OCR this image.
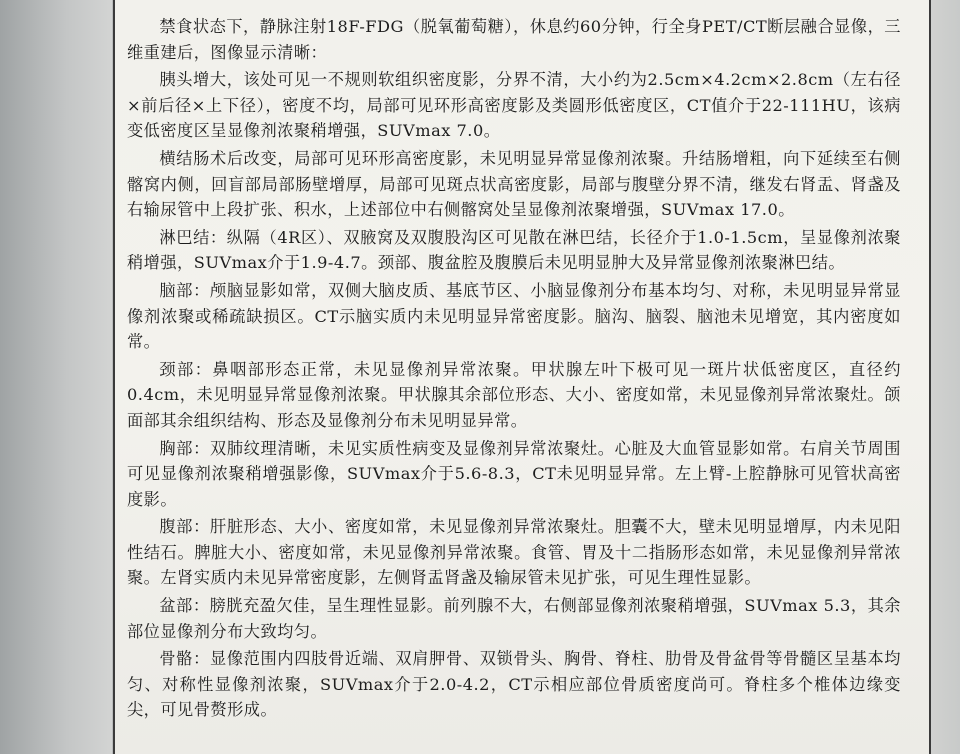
禁食状态下，静脉注射18F-FDG（脱氧葡萄糖），休息约60分钟，行全身PET/CT断层融合显像，三维重建后，图像显示清晰：

胰头增大，该处可见一不规则软组织密度影，分界不清，大小约为2.5cm×4.2cm×2.8cm（左右径×前后径×上下径），密度不均，局部可见环形高密度影及类圆形低密度区，CT值介于22-111HU，该病变低密度区呈显像剂浓聚稍增强，SUVmax 7.0。

横结肠术后改变，局部可见环形高密度影，未见明显异常显像剂浓聚。升结肠增粗，向下延续至右侧髂窝内侧，回盲部局部肠壁增厚，局部可见斑点状高密度影，局部与腹壁分界不清，继发右肾盂、肾盏及右输尿管中上段扩张、积水，上述部位中右侧髂窝处呈显像剂浓聚增强，SUVmax 17.0。

淋巴结：纵隔（4R区）、双腋窝及双腹股沟区可见散在淋巴结，长径介于1.0-1.5cm，呈显像剂浓聚稍增强，SUVmax介于1.9-4.7。颈部、腹盆腔及腹膜后未见明显肿大及异常显像剂浓聚淋巴结。

脑部：颅脑显影如常，双侧大脑皮质、基底节区、小脑显像剂分布基本均匀、对称，未见明显异常显像剂浓聚或稀疏缺损区。CT示脑实质内未见明显异常密度影。脑沟、脑裂、脑池未见增宽，其内密度如常。

颈部：鼻咽部形态正常，未见显像剂异常浓聚。甲状腺左叶下极可见一斑片状低密度区，直径约0.4cm，未见明显异常显像剂浓聚。甲状腺其余部位形态、大小、密度如常，未见显像剂异常浓聚灶。颌面部其余组织结构、形态及显像剂分布未见明显异常。

胸部：双肺纹理清晰，未见实质性病变及显像剂异常浓聚灶。心脏及大血管显影如常。右肩关节周围可见显像剂浓聚稍增强影像，SUVmax介于5.6-8.3，CT未见明显异常。左上臂-上腔静脉可见管状高密度影。

腹部：肝脏形态、大小、密度如常，未见显像剂异常浓聚灶。胆囊不大，壁未见明显增厚，内未见阳性结石。脾脏大小、密度如常，未见显像剂异常浓聚。食管、胃及十二指肠形态如常，未见显像剂异常浓聚。左肾实质内未见异常密度影，左侧肾盂肾盏及输尿管未见扩张，可见生理性显影。

盆部：膀胱充盈欠佳，呈生理性显影。前列腺不大，右侧部显像剂浓聚稍增强，SUVmax 5.3，其余部位显像剂分布大致均匀。

骨骼：显像范围内四肢骨近端、双肩胛骨、双锁骨头、胸骨、脊柱、肋骨及骨盆骨等骨髓区呈基本均匀、对称性显像剂浓聚，SUVmax介于2.0-4.2，CT示相应部位骨质密度尚可。脊柱多个椎体边缘变尖，可见骨赘形成。
